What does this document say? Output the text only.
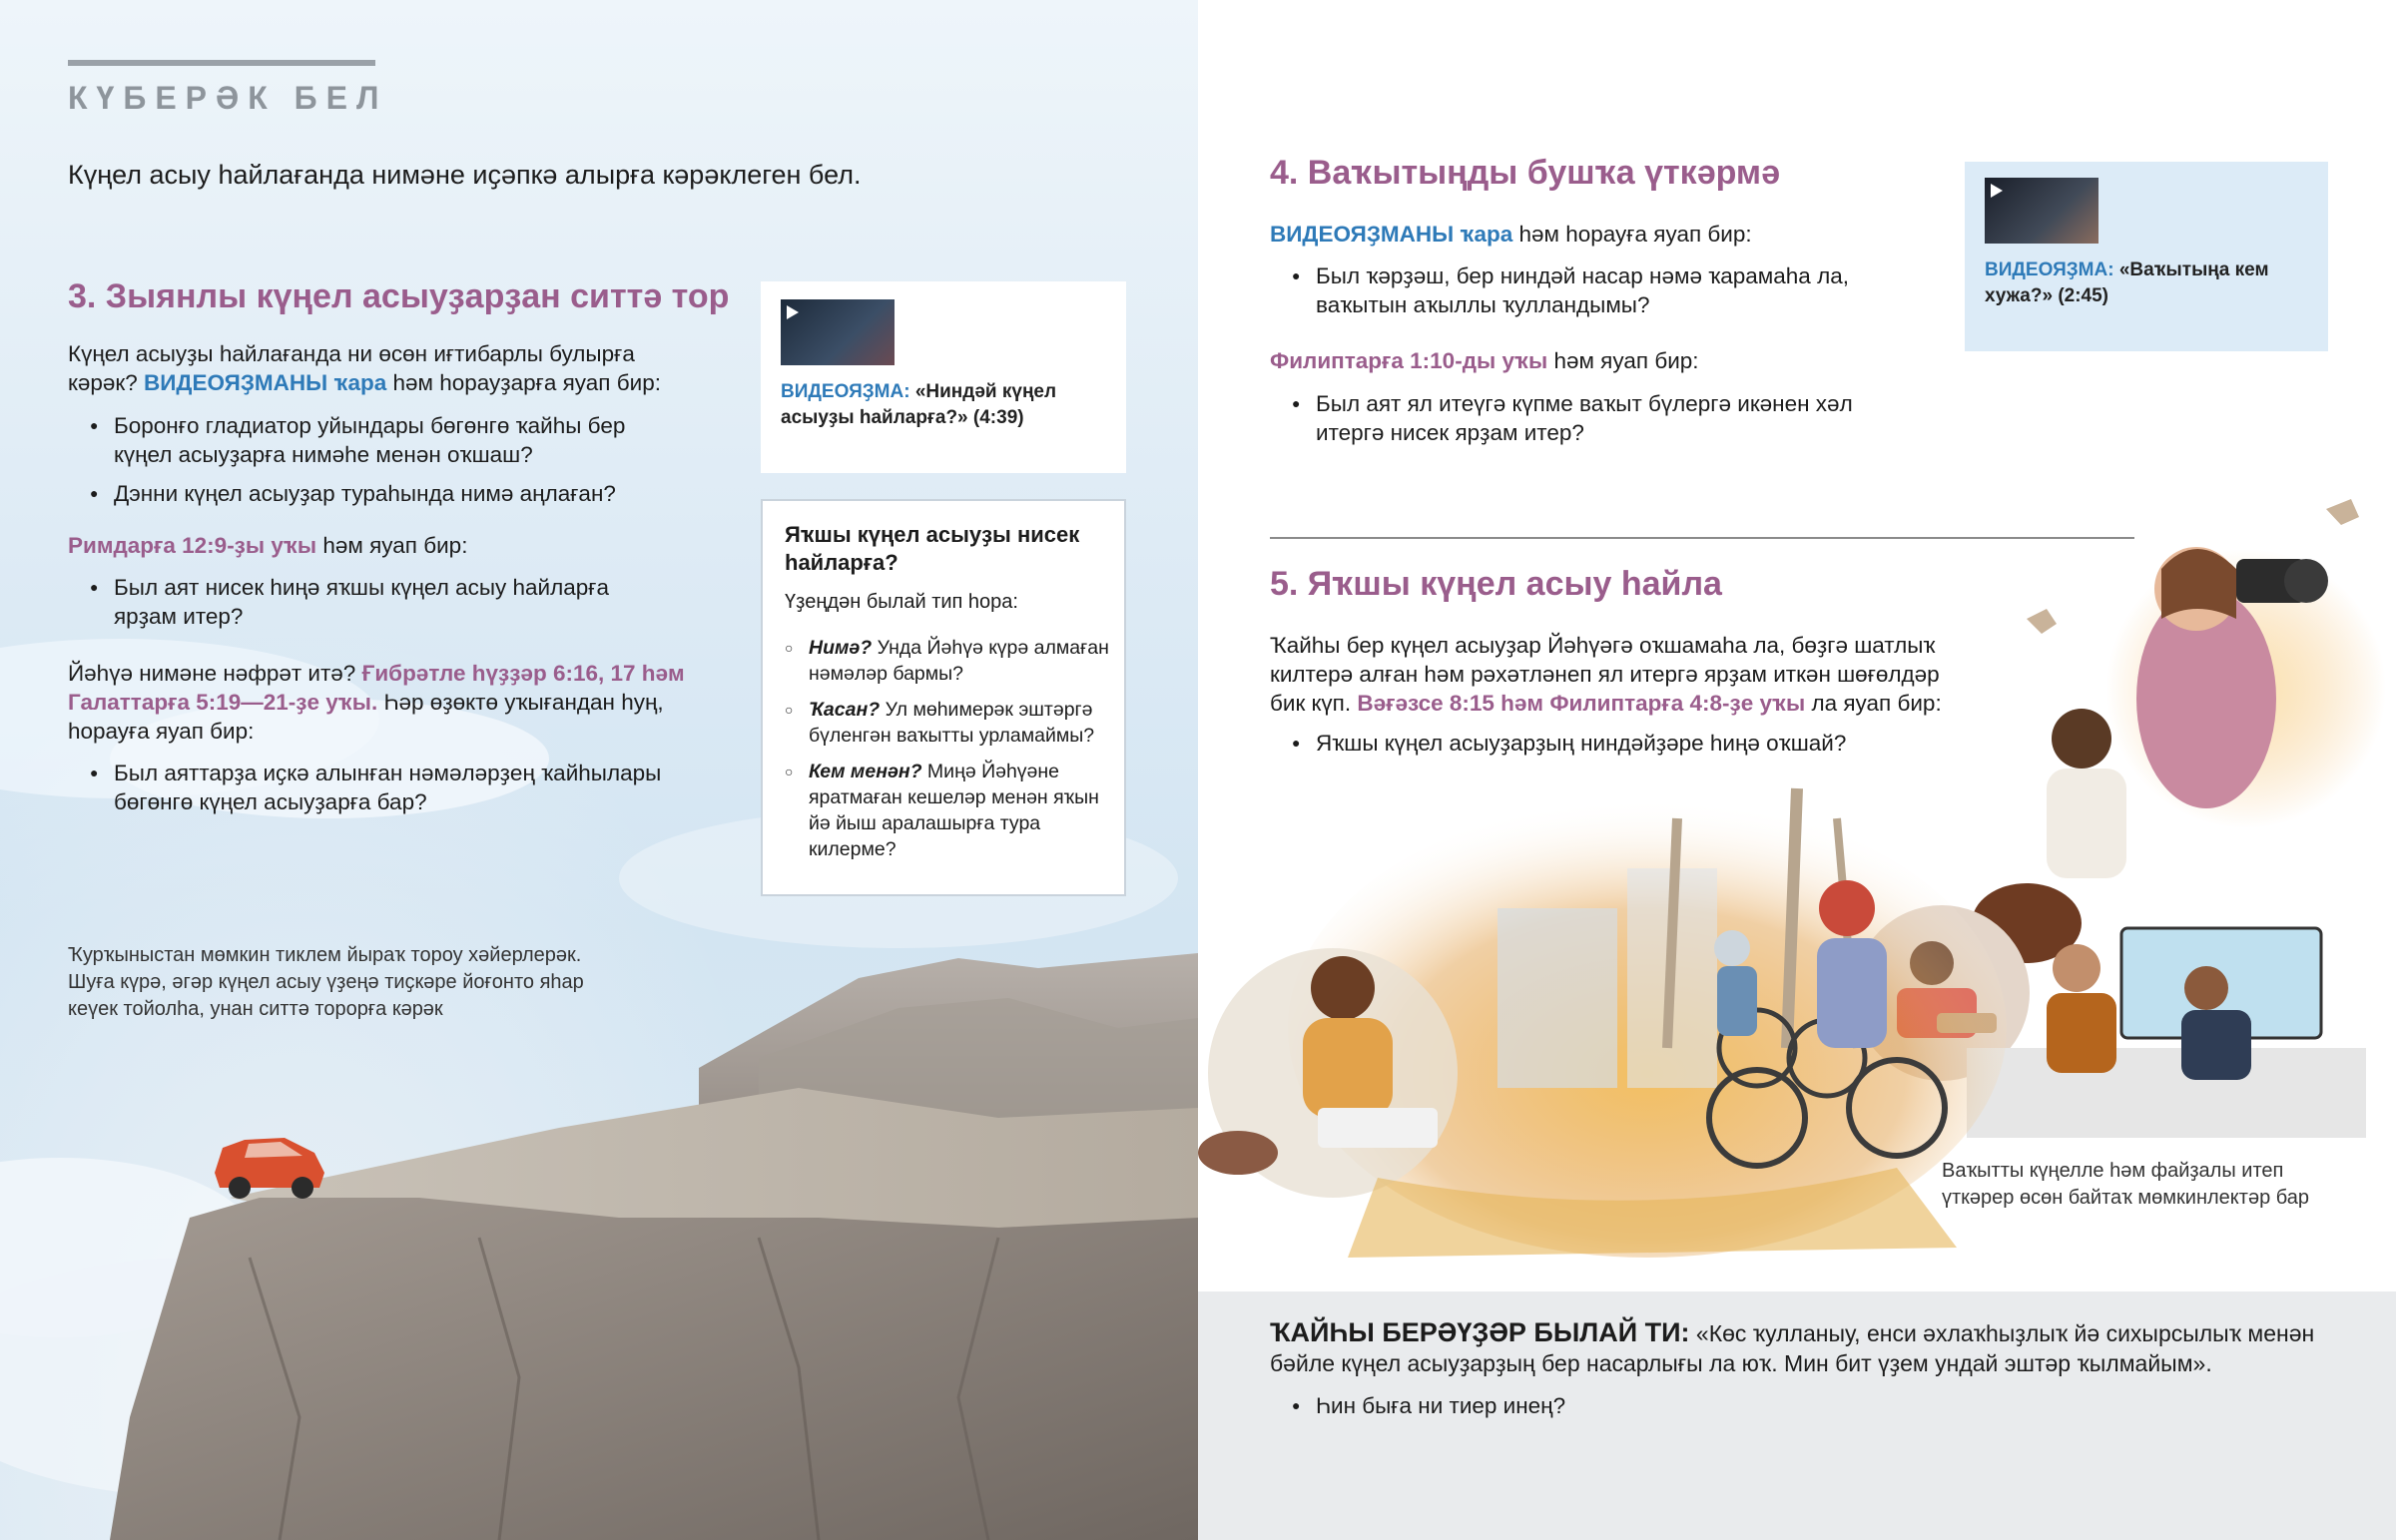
КҮБЕРӘК БЕЛ

Күңел асыу һайлағанда нимәне иҫәпкә алырға кәрәклеген бел.

3. Зыянлы күңел асыуҙарҙан ситтә тор

Күңел асыуҙы һайлағанда ни өсөн иғтибарлы булырға кәрәк? ВИДЕОЯҘМАНЫ ҡара һәм һорауҙарға яуап бир:

● Боронғо гладиатор уйындары бөгөнгө ҡайһы бер күңел асыуҙарға нимәһе менән оҡшаш?
● Дэнни күңел асыуҙар тураһында нимә аңлаған?

Римдарға 12:9-ҙы уҡы һәм яуап бир:

● Был аят нисек һиңә яҡшы күңел асыу һайларға ярҙам итер?

Йәһүә нимәне нәфрәт итә? Ғибрәтле һүҙҙәр 6:16, 17 һәм Галаттарға 5:19—21-ҙе уҡы. Һәр өҙөктө уҡығандан һуң, һорауға яуап бир:

● Был аяттарҙа иҫкә алынған нәмәләрҙең ҡайһылары бөгөнгө күңел асыуҙарға бар?
ВИДЕОЯҘМА: «Ниндәй күңел асыуҙы һайларға?» (4:39)
Яҡшы күңел асыуҙы нисек һайларға?
Үҙеңдән былай тип һора:
○ Нимә? Унда Йәһүә күрә алмаған нәмәләр бармы?
○ Ҡасан? Ул мөһимерәк эштәргә бүленгән ваҡытты урламаймы?
○ Кем менән? Миңә Йәһүәне яратмаған кешеләр менән яҡын йә йыш аралашырға тура килерме?
Ҡурҡыныстан мөмкин тиклем йыраҡ тороу хәйерлерәк. Шуға күрә, әгәр күңел асыу үҙеңә тиҫкәре йоғонто яһар кеүек тойолһа, унан ситтә торорға кәрәк
4. Ваҡытыңды бушҡа үткәрмә

ВИДЕОЯҘМАНЫ ҡара һәм һорауға яуап бир:

● Был ҡәрҙәш, бер ниндәй насар нәмә ҡарамаһа ла, ваҡытын аҡыллы ҡулландымы?

Филиптарға 1:10-ды уҡы һәм яуап бир:

● Был аят ял итеүгә күпме ваҡыт бүлергә икәнен хәл итергә нисек ярҙам итер?
ВИДЕОЯҘМА: «Ваҡытыңа кем хужа?» (2:45)
5. Яҡшы күңел асыу һайла

Ҡайһы бер күңел асыуҙар Йәһүәгә оҡшамаһа ла, бөҙгә шатлыҡ килтерә алған һәм рәхәтләнеп ял итергә ярҙам иткән шөғөлдәр бик күп. Вәғәзсе 8:15 һәм Филиптарға 4:8-ҙе уҡы ла яуап бир:

● Яҡшы күңел асыуҙарҙың ниндәйҙәре һиңә оҡшай?
Ваҡытты күңелле һәм файҙалы итеп үткәрер өсөн байтаҡ мөмкинлектәр бар

ҠАЙҺЫ БЕРӘҮҘӘР БЫЛАЙ ТИ: «Көс ҡулланыу, енси әхлаҡһыҙлыҡ йә сихырсылыҡ менән бәйле күңел асыуҙарҙың бер насарлығы ла юҡ. Мин бит үҙем ундай эштәр ҡылмайым».

● Һин быға ни тиер инең?
